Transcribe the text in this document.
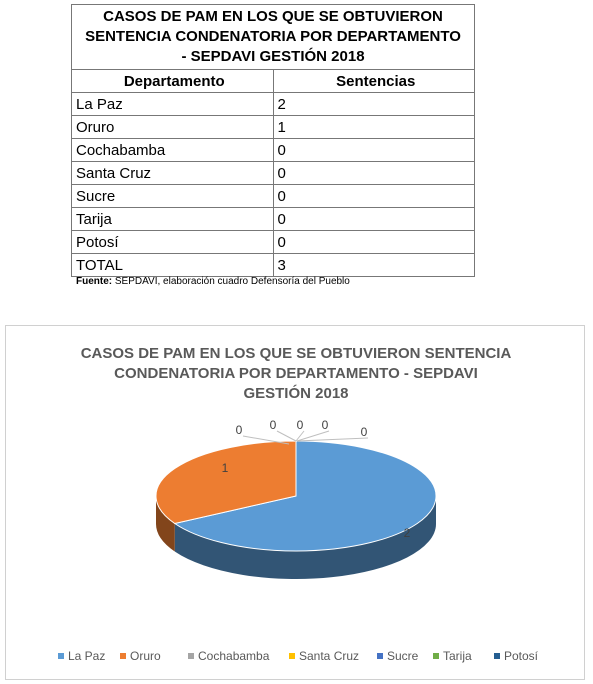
CASOS DE PAM EN LOS QUE SE OBTUVIERON
SENTENCIA CONDENATORIA POR DEPARTAMENTO
- SEPDAVI GESTIÓN 2018	

Departamento	Sentencias
La Paz	2
Oruro	1
Cochabamba	0
Santa Cruz	0
Sucre	0
Tarija	0
Potosí	0
TOTAL	3
Fuente: SEPDAVI, elaboración cuadro Defensoría del Pueblo
CASOS DE PAM EN LOS QUE SE OBTUVIERON SENTENCIA
CONDENATORIA POR DEPARTAMENTO - SEPDAVI
GESTIÓN 2018
2
1
0 0 0 0	0
La Paz Oruro	Cochabamba Santa Cruz Sucre Tarija	Potosí
